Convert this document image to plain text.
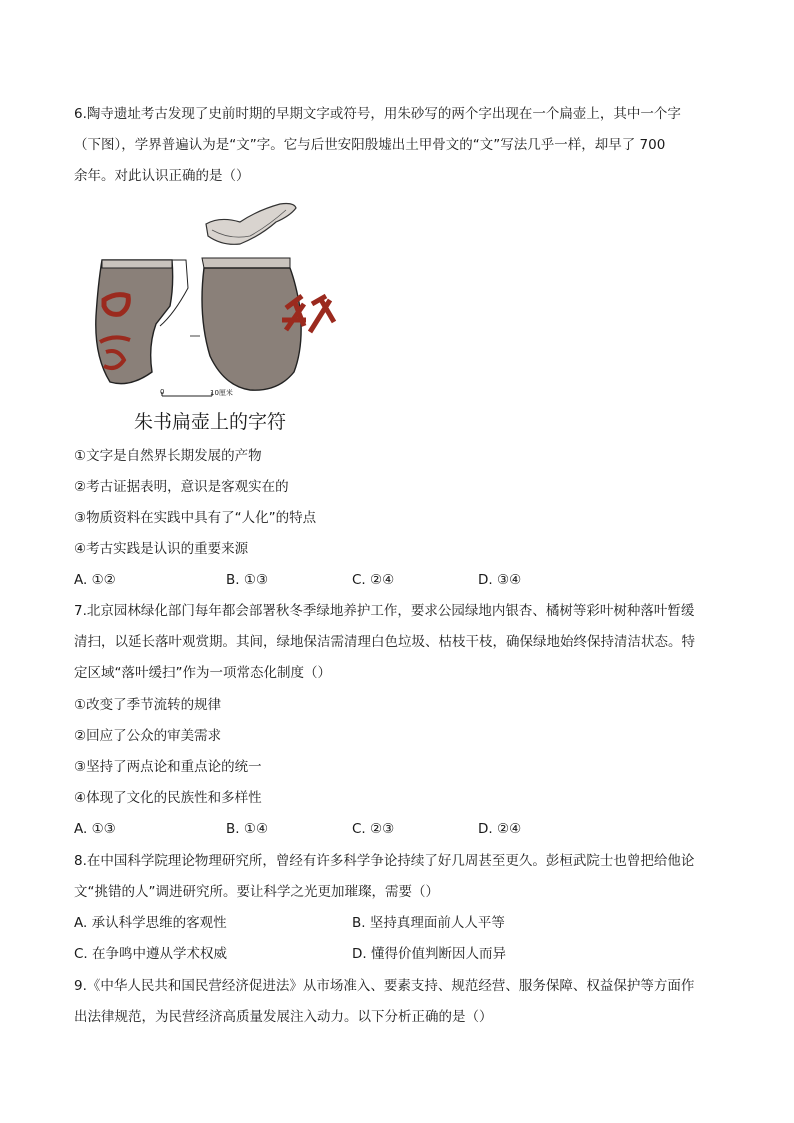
6.陶寺遗址考古发现了史前时期的早期文字或符号，用朱砂写的两个字出现在一个扁壶上，其中一个字
（下图），学界普遍认为是“文”字。它与后世安阳殷墟出土甲骨文的“文”写法几乎一样，却早了 700
余年。对此认识正确的是（）
0	10厘米
朱书扁壶上的字符
①文字是自然界长期发展的产物
②考古证据表明，意识是客观实在的
③物质资料在实践中具有了“人化”的特点
④考古实践是认识的重要来源
A. ①②	B. ①③	C. ②④	D. ③④
7.北京园林绿化部门每年都会部署秋冬季绿地养护工作，要求公园绿地内银杏、橘树等彩叶树种落叶暂缓
清扫，以延长落叶观赏期。其间，绿地保洁需清理白色垃圾、枯枝干枝，确保绿地始终保持清洁状态。特
定区域“落叶缓扫”作为一项常态化制度（）
①改变了季节流转的规律
②回应了公众的审美需求
③坚持了两点论和重点论的统一
④体现了文化的民族性和多样性
A. ①③	B. ①④	C. ②③	D. ②④
8.在中国科学院理论物理研究所，曾经有许多科学争论持续了好几周甚至更久。彭桓武院士也曾把给他论
文“挑错的人”调进研究所。要让科学之光更加璀璨，需要（）
A. 承认科学思维的客观性	B. 坚持真理面前人人平等
C. 在争鸣中遵从学术权威	D. 懂得价值判断因人而异
9.《中华人民共和国民营经济促进法》从市场准入、要素支持、规范经营、服务保障、权益保护等方面作
出法律规范，为民营经济高质量发展注入动力。以下分析正确的是（）
